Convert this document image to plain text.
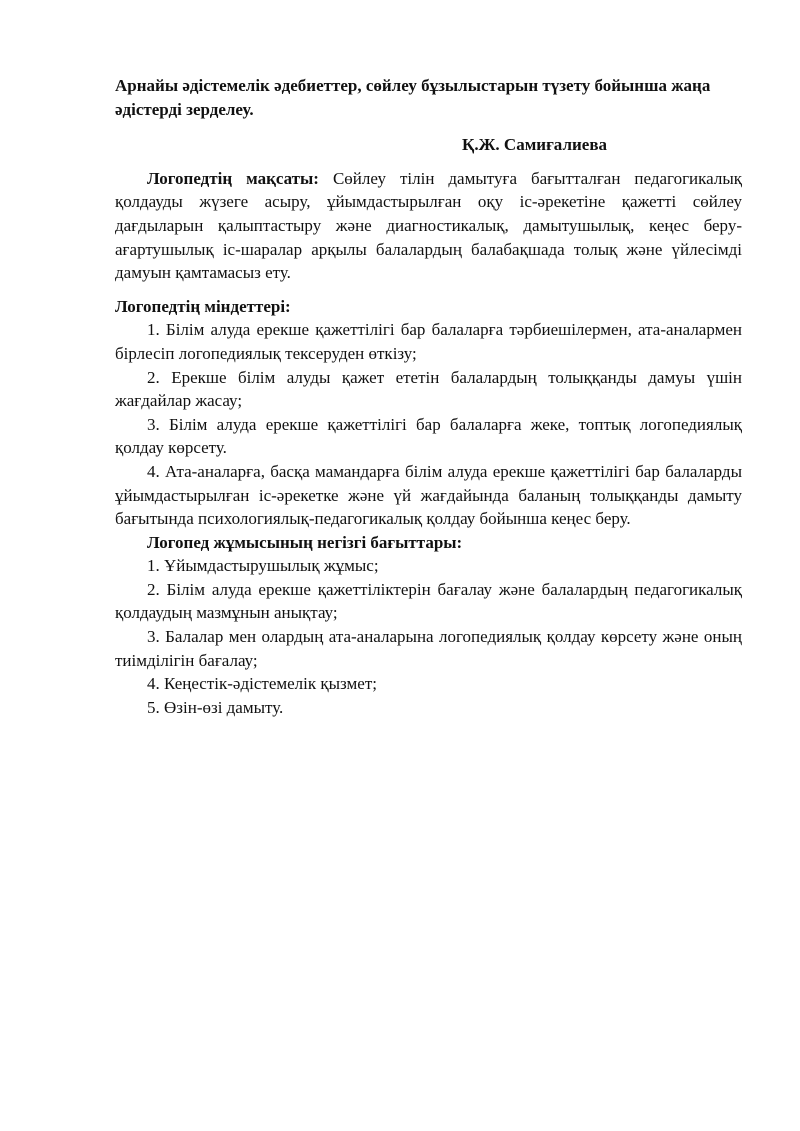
Арнайы әдістемелік әдебиеттер, сөйлеу бұзылыстарын түзету бойынша жаңа әдістерді зерделеу.

Қ.Ж. Самиғалиева

Логопедтің мақсаты: Сөйлеу тілін дамытуға бағытталған педагогикалық қолдауды жүзеге асыру, ұйымдастырылған оқу іс-әрекетіне қажетті сөйлеу дағдыларын қалыптастыру және диагностикалық, дамытушылық, кеңес беру-ағартушылық іс-шаралар арқылы балалардың балабақшада толық және үйлесімді дамуын қамтамасыз ету.

Логопедтің міндеттері:

1. Білім алуда ерекше қажеттілігі бар балаларға тәрбиешілермен, ата-аналармен бірлесіп логопедиялық тексеруден өткізу;

2. Ерекше білім алуды қажет ететін балалардың толыққанды дамуы үшін жағдайлар жасау;

3. Білім алуда ерекше қажеттілігі бар балаларға жеке, топтық логопедиялық қолдау көрсету.

4. Ата-аналарға, басқа мамандарға білім алуда ерекше қажеттілігі бар балаларды ұйымдастырылған іс-әрекетке және үй жағдайында баланың толыққанды дамыту бағытында психологиялық-педагогикалық қолдау бойынша кеңес беру.

Логопед жұмысының негізгі бағыттары:

1. Ұйымдастырушылық жұмыс;

2. Білім алуда ерекше қажеттіліктерін бағалау және балалардың педагогикалық қолдаудың мазмұнын анықтау;

3. Балалар мен олардың ата-аналарына логопедиялық қолдау көрсету және оның тиімділігін бағалау;

4. Кеңестік-әдістемелік қызмет;

5. Өзін-өзі дамыту.
